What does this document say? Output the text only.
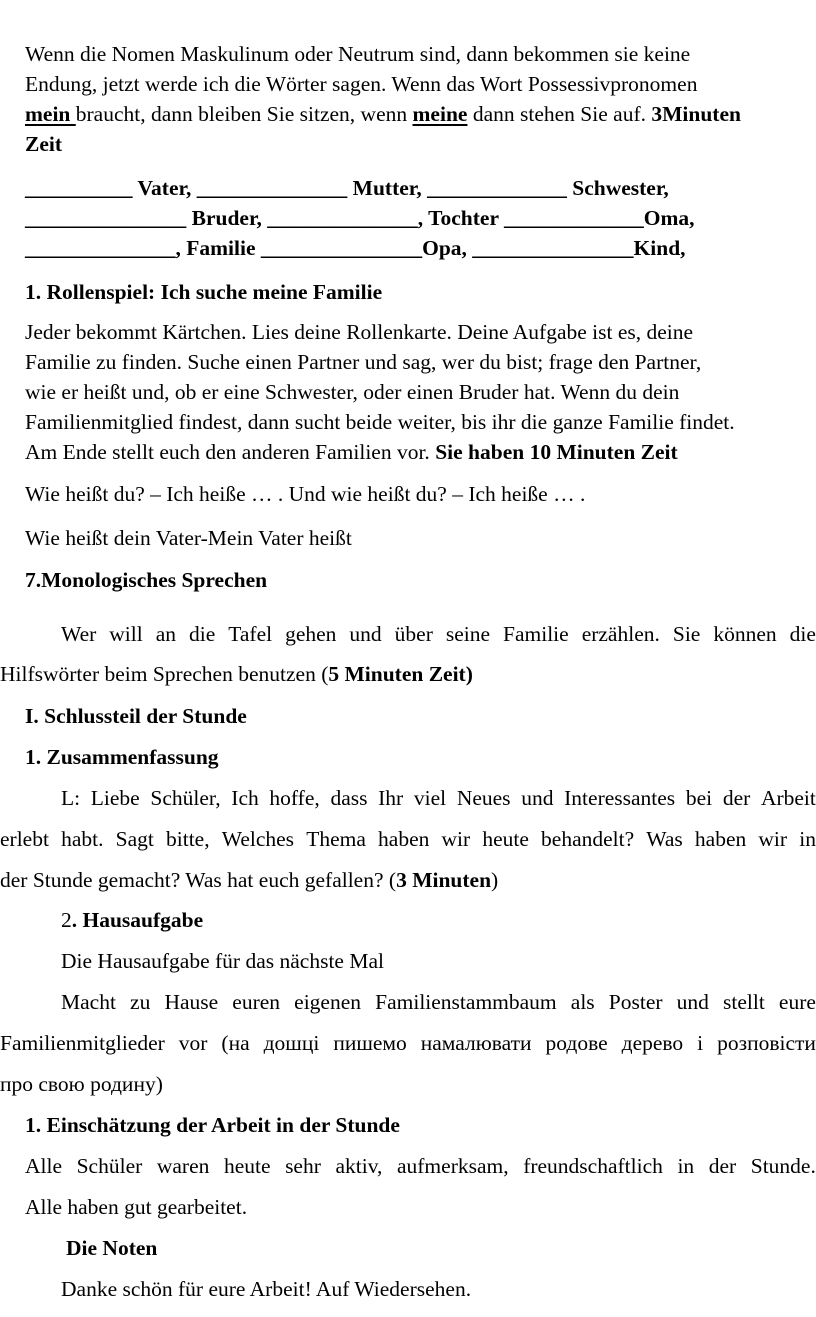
Wenn die Nomen Maskulinum oder Neutrum sind, dann bekommen sie keine
Endung, jetzt werde ich die Wörter sagen. Wenn das Wort Possessivpronomen
mein braucht, dann bleiben Sie sitzen, wenn meine dann stehen Sie auf. 3Minuten
Zeit
__________ Vater, ______________ Mutter, _____________ Schwester,
_______________ Bruder, ______________, Tochter _____________Oma,
______________, Familie _______________Opa, _______________Kind,
1. Rollenspiel: Ich suche meine Familie
Jeder bekommt Kärtchen. Lies deine Rollenkarte. Deine Aufgabe ist es, deine
Familie zu finden. Suche einen Partner und sag, wer du bist; frage den Partner,
wie er heißt und, ob er eine Schwester, oder einen Bruder hat. Wenn du dein
Familienmitglied findest, dann sucht beide weiter, bis ihr die ganze Familie findet.
Am Ende stellt euch den anderen Familien vor. Sie haben 10 Minuten Zeit
Wie heißt du? – Ich heiße … . Und wie heißt du? – Ich heiße … .
Wie heißt dein Vater-Mein Vater heißt
7.Monologisches Sprechen
Wer will an die Tafel gehen und über seine Familie erzählen. Sie können die
Hilfswörter beim Sprechen benutzen (5 Minuten Zeit)
I. Schlussteil der Stunde
1. Zusammenfassung
L: Liebe Schüler, Ich hoffe, dass Ihr viel Neues und Interessantes bei der Arbeit
erlebt habt. Sagt bitte, Welches Thema haben wir heute behandelt? Was haben wir in
der Stunde gemacht? Was hat euch gefallen? (3 Minuten)
2. Hausaufgabe
Die Hausaufgabe für das nächste Mal
Macht zu Hause euren eigenen Familienstammbaum als Poster und stellt eure
Familienmitglieder vor (на дошці пишемо намалювати родове дерево і розповісти
про свою родину)
1. Einschätzung der Arbeit in der Stunde
Alle Schüler waren heute sehr aktiv, aufmerksam, freundschaftlich in der Stunde.
Alle haben gut gearbeitet.
Die Noten
Danke schön für eure Arbeit! Auf Wiedersehen.
